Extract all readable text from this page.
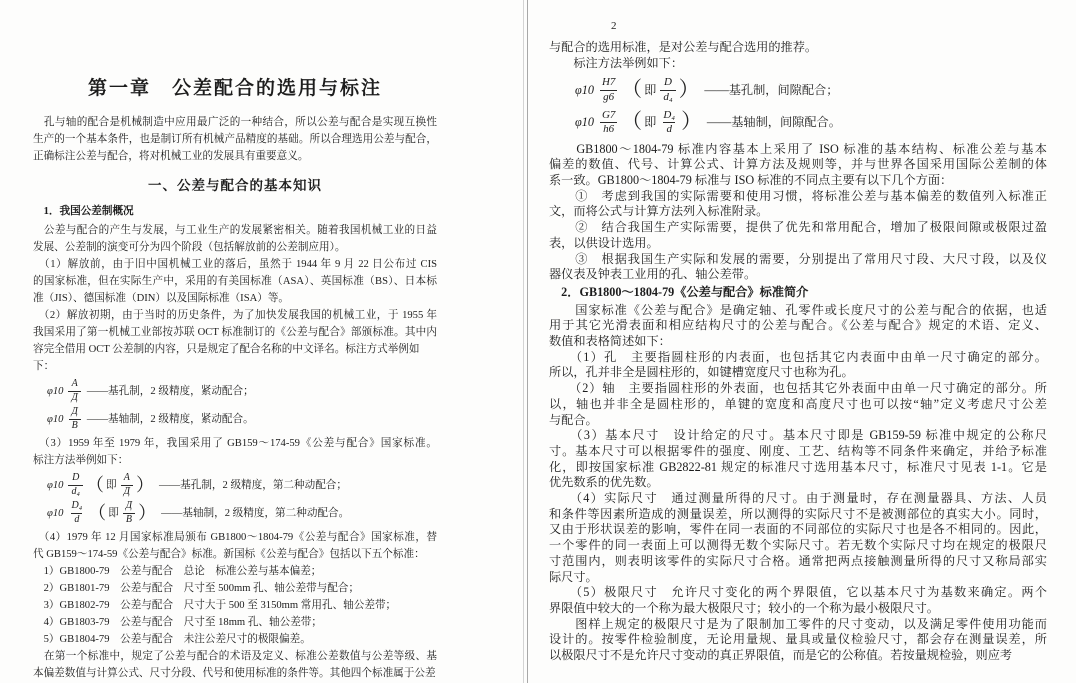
2
第一章　公差配合的选用与标注
　孔与轴的配合是机械制造中应用最广泛的一种结合，所以公差与配合是实现互换性
生产的一个基本条件，也是制订所有机械产品精度的基础。所以合理选用公差与配合，
正确标注公差与配合，将对机械工业的发展具有重要意义。
一、公差与配合的基本知识
　1．我国公差制概况
　公差与配合的产生与发展，与工业生产的发展紧密相关。随着我国机械工业的日益
发展、公差制的演变可分为四个阶段（包括解放前的公差制应用）。
　（1）解放前，由于旧中国机械工业的落后，虽然于 1944 年 9 月 22 日公布过 CIS
的国家标准，但在实际生产中，采用的有美国标准（ASA）、英国标准（BS）、日本标
准（JIS）、德国标准（DIN）以及国际标准（ISA）等。
　（2）解放初期，由于当时的历史条件，为了加快发展我国的机械工业，于 1955 年
我国采用了第一机械工业部按苏联 OCT 标准制订的《公差与配合》部颁标准。其中内
容完全借用 OCT 公差制的内容，只是规定了配合名称的中文译名。标注方式举例如下：
$\varphi 10 \frac{A}{Д}$ ——基孔制，2 级精度，紧动配合；
$\varphi 10 \frac{Д}{B}$ ——基轴制，2 级精度，紧动配合。
　（3）1959 年至 1979 年，我国采用了 GB159～174-59《公差与配合》国家标准。
标注方法举例如下：
$\varphi 10 \frac{D}{\text{d₄}}$ （ 即 $\frac{A}{Д}$ ） ——基孔制，2 级精度，第二种动配合；
$\varphi 10 \frac{\text{D₄}}{d}$ （ 即 $\frac{Д}{B}$ ） ——基轴制，2 级精度，第二种动配合。
　（4）1979 年 12 月国家标准局颁布 GB1800～1804-79《公差与配合》国家标准，替
代 GB159～174-59《公差与配合》标准。新国标《公差与配合》包括以下五个标准：
　1）GB1800-79　公差与配合　总论　标准公差与基本偏差；
　2）GB1801-79　公差与配合　尺寸至 500mm 孔、轴公差带与配合；
　3）GB1802-79　公差与配合　尺寸大于 500 至 3150mm 常用孔、轴公差带；
　4）GB1803-79　公差与配合　尺寸至 18mm 孔、轴公差带；
　5）GB1804-79　公差与配合　未注公差尺寸的极限偏差。
　在第一个标准中，规定了公差与配合的术语及定义、标准公差数值与公差等级、基
本偏差数值与计算公式、尺寸分段、代号和使用标准的条件等。其他四个标准属于公差
与配合的选用标准，是对公差与配合选用的推荐。
　　标注方法举例如下：
$\varphi 10 \frac{H7}{g6}$ （ 即 $\frac{D}{\text{d₄}}$ ） ——基孔制，间隙配合；
$\varphi 10 \frac{G7}{h6}$ （ 即 $\frac{\text{D₄}}{d}$ ） ——基轴制，间隙配合。
　　GB1800～1804-79 标准内容基本上采用了 ISO 标准的基本结构、标准公差与基本
偏差的数值、代号、计算公式、计算方法及规则等，并与世界各国采用国际公差制的体
系一致。GB1800～1804-79 标准与 ISO 标准的不同点主要有以下几个方面：
　　①　考虑到我国的实际需要和使用习惯，将标准公差与基本偏差的数值列入标准正
文，而将公式与计算方法列入标准附录。
　　②　结合我国生产实际需要，提供了优先和常用配合，增加了极限间隙或极限过盈
表，以供设计选用。
　　③　根据我国生产实际和发展的需要，分别提出了常用尺寸段、大尺寸段，以及仪
器仪表及钟表工业用的孔、轴公差带。
　2．GB1800～1804-79《公差与配合》标准简介
　　国家标准《公差与配合》是确定轴、孔零件或长度尺寸的公差与配合的依据，也适
用于其它光滑表面和相应结构尺寸的公差与配合。《公差与配合》规定的术语、定义、
数值和表格简述如下：
　　（1）孔　主要指圆柱形的内表面，也包括其它内表面中由单一尺寸确定的部分。
所以，孔并非全是圆柱形的，如键槽宽度尺寸也称为孔。
　　（2）轴　主要指圆柱形的外表面，也包括其它外表面中由单一尺寸确定的部分。所
以，轴也并非全是圆柱形的，单键的宽度和高度尺寸也可以按“轴”定义考虑尺寸公差
与配合。
　　（3）基本尺寸　设计给定的尺寸。基本尺寸即是 GB159-59 标准中规定的公称尺
寸。基本尺寸可以根据零件的强度、刚度、工艺、结构等不同条件来确定，并给予标准
化，即按国家标准 GB2822-81 规定的标准尺寸选用基本尺寸，标准尺寸见表 1-1。它是
优先数系的优先数。
　　（4）实际尺寸　通过测量所得的尺寸。由于测量时，存在测量器具、方法、人员
和条件等因素所造成的测量误差，所以测得的实际尺寸不是被测部位的真实大小。同时，
又由于形状误差的影响，零件在同一表面的不同部位的实际尺寸也是各不相同的。因此，
一个零件的同一表面上可以测得无数个实际尺寸。若无数个实际尺寸均在规定的极限尺
寸范围内，则表明该零件的实际尺寸合格。通常把两点接触测量所得的尺寸又称局部实
际尺寸。
　　（5）极限尺寸　允许尺寸变化的两个界限值，它以基本尺寸为基数来确定。两个
界限值中较大的一个称为最大极限尺寸；较小的一个称为最小极限尺寸。
　　图样上规定的极限尺寸是为了限制加工零件的尺寸变动，以及满足零件使用功能而
设计的。按零件检验制度，无论用量规、量具或量仪检验尺寸，都会存在测量误差，所
以极限尺寸不是允许尺寸变动的真正界限值，而是它的公称值。若按量规检验，则应考
